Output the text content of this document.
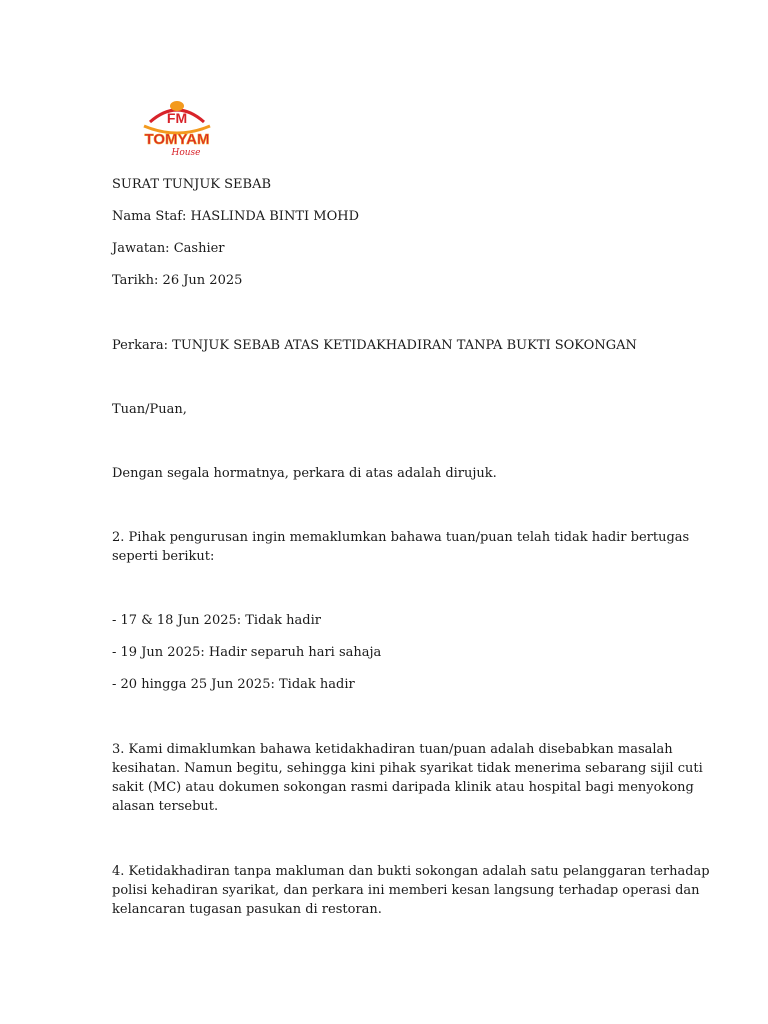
FM
TOMYAM
House
SURAT TUNJUK SEBAB
Nama Staf: HASLINDA BINTI MOHD
Jawatan: Cashier
Tarikh: 26 Jun 2025
Perkara: TUNJUK SEBAB ATAS KETIDAKHADIRAN TANPA BUKTI SOKONGAN
Tuan/Puan,
Dengan segala hormatnya, perkara di atas adalah dirujuk.
2. Pihak pengurusan ingin memaklumkan bahawa tuan/puan telah tidak hadir bertugas
seperti berikut:
- 17 & 18 Jun 2025: Tidak hadir
- 19 Jun 2025: Hadir separuh hari sahaja
- 20 hingga 25 Jun 2025: Tidak hadir
3. Kami dimaklumkan bahawa ketidakhadiran tuan/puan adalah disebabkan masalah
kesihatan. Namun begitu, sehingga kini pihak syarikat tidak menerima sebarang sijil cuti
sakit (MC) atau dokumen sokongan rasmi daripada klinik atau hospital bagi menyokong
alasan tersebut.
4. Ketidakhadiran tanpa makluman dan bukti sokongan adalah satu pelanggaran terhadap
polisi kehadiran syarikat, dan perkara ini memberi kesan langsung terhadap operasi dan
kelancaran tugasan pasukan di restoran.
